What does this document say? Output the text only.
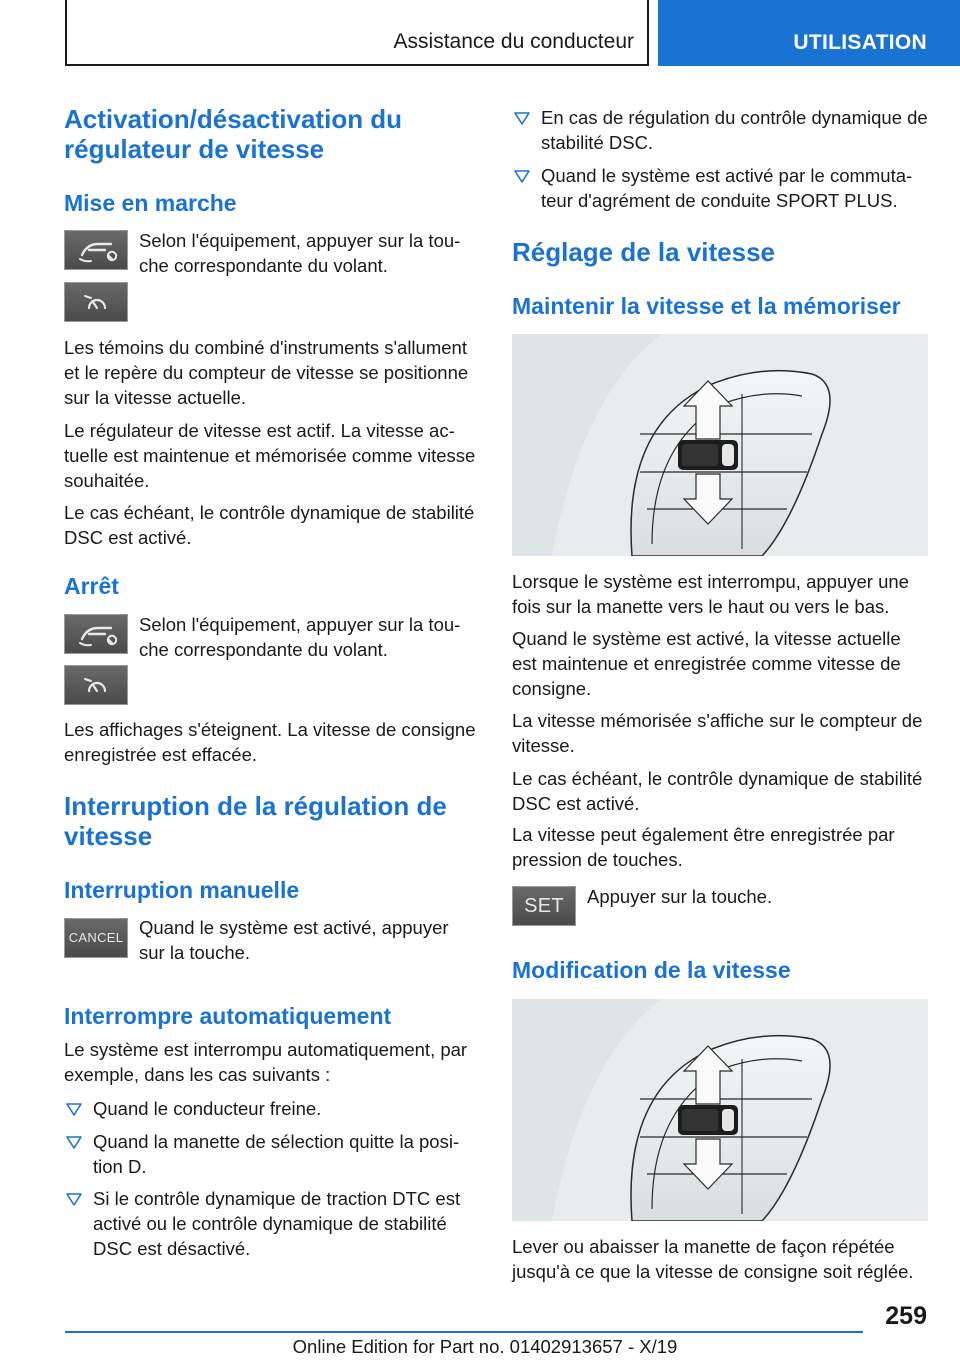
Assistance du conducteur	UTILISATION
Activation/désactivation du régulateur de vitesse
Mise en marche
Selon l'équipement, appuyer sur la touche correspondante du volant.
Les témoins du combiné d'instruments s'allument et le repère du compteur de vitesse se positionne sur la vitesse actuelle.
Le régulateur de vitesse est actif. La vitesse actuelle est maintenue et mémorisée comme vitesse souhaitée.
Le cas échéant, le contrôle dynamique de stabilité DSC est activé.
Arrêt
Selon l'équipement, appuyer sur la touche correspondante du volant.
Les affichages s'éteignent. La vitesse de consigne enregistrée est effacée.
Interruption de la régulation de vitesse
Interruption manuelle
CANCEL Quand le système est activé, appuyer sur la touche.
Interrompre automatiquement
Le système est interrompu automatiquement, par exemple, dans les cas suivants :
Quand le conducteur freine.
Quand la manette de sélection quitte la position D.
Si le contrôle dynamique de traction DTC est activé ou le contrôle dynamique de stabilité DSC est désactivé.
En cas de régulation du contrôle dynamique de stabilité DSC.
Quand le système est activé par le commutateur d'agrément de conduite SPORT PLUS.
Réglage de la vitesse
Maintenir la vitesse et la mémoriser
Lorsque le système est interrompu, appuyer une fois sur la manette vers le haut ou vers le bas.
Quand le système est activé, la vitesse actuelle est maintenue et enregistrée comme vitesse de consigne.
La vitesse mémorisée s'affiche sur le compteur de vitesse.
Le cas échéant, le contrôle dynamique de stabilité DSC est activé.
La vitesse peut également être enregistrée par pression de touches.
SET	Appuyer sur la touche.
Modification de la vitesse
Lever ou abaisser la manette de façon répétée jusqu'à ce que la vitesse de consigne soit réglée.
259
Online Edition for Part no. 01402913657 - X/19
